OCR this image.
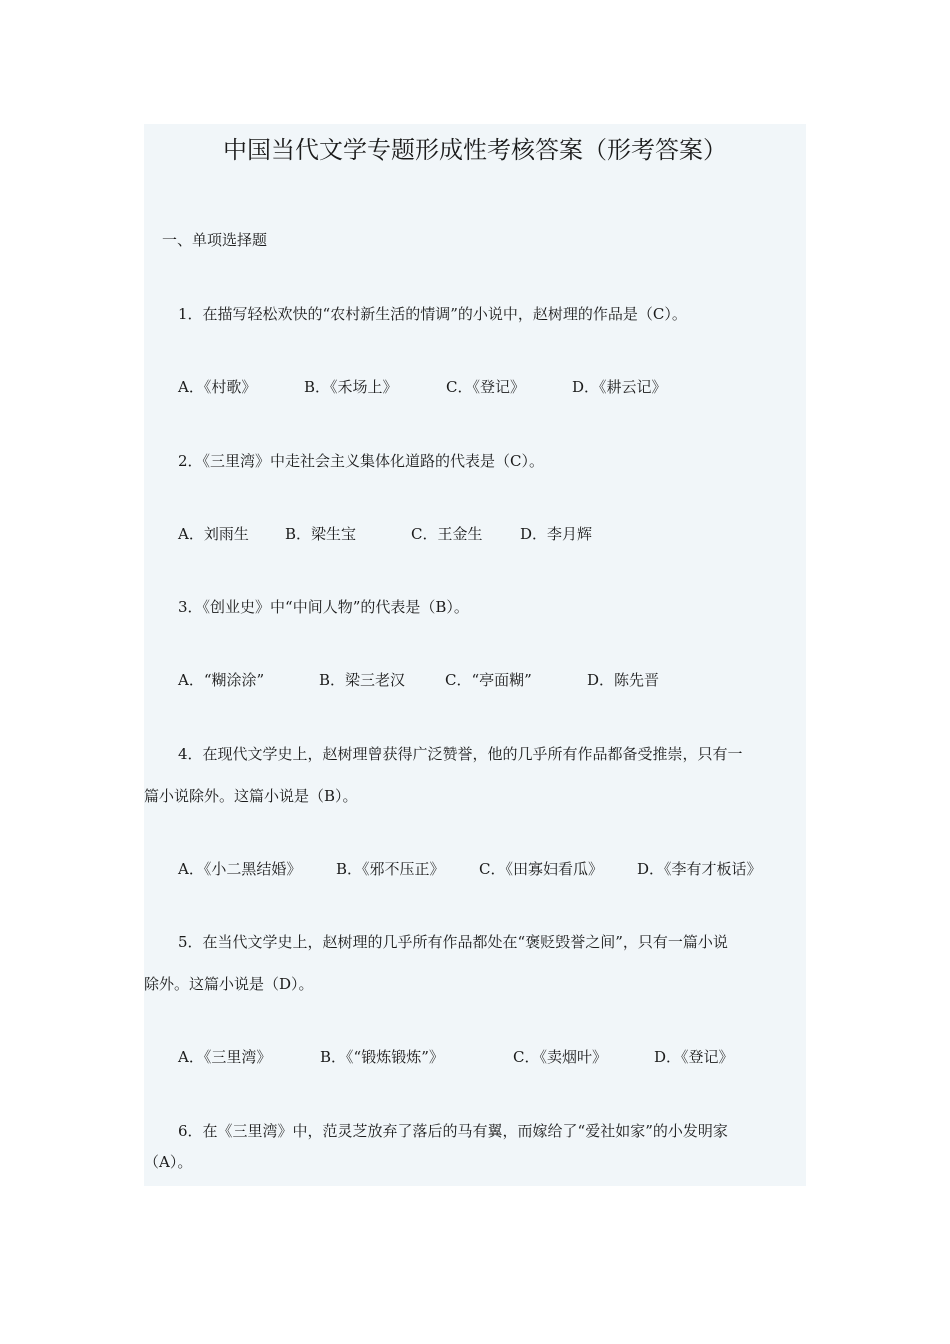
中国当代文学专题形成性考核答案（形考答案）
一、单项选择题
1．在描写轻松欢快的“农村新生活的情调”的小说中，赵树理的作品是（C）。
A．《村歌》	B．《禾场上》	C．《登记》	D．《耕云记》
2．《三里湾》中走社会主义集体化道路的代表是（C）。
A．刘雨生 B．梁生宝	C．王金生	D．李月辉
3．《创业史》中“中间人物”的代表是（B）。
A．“糊涂涂”	B．梁三老汉	C．“亭面糊”	D．陈先晋
4．在现代文学史上，赵树理曾获得广泛赞誉，他的几乎所有作品都备受推崇，只有一
篇小说除外。这篇小说是（B）。
A．《小二黑结婚》 B．《邪不压正》 C．《田寡妇看瓜》 D．《李有才板话》
5．在当代文学史上，赵树理的几乎所有作品都处在“褒贬毁誉之间”，只有一篇小说
除外。这篇小说是（D）。
A．《三里湾》	B．《“锻炼锻炼”》	C．《卖烟叶》	D．《登记》
6．在《三里湾》中，范灵芝放弃了落后的马有翼，而嫁给了“爱社如家”的小发明家
（A）。
